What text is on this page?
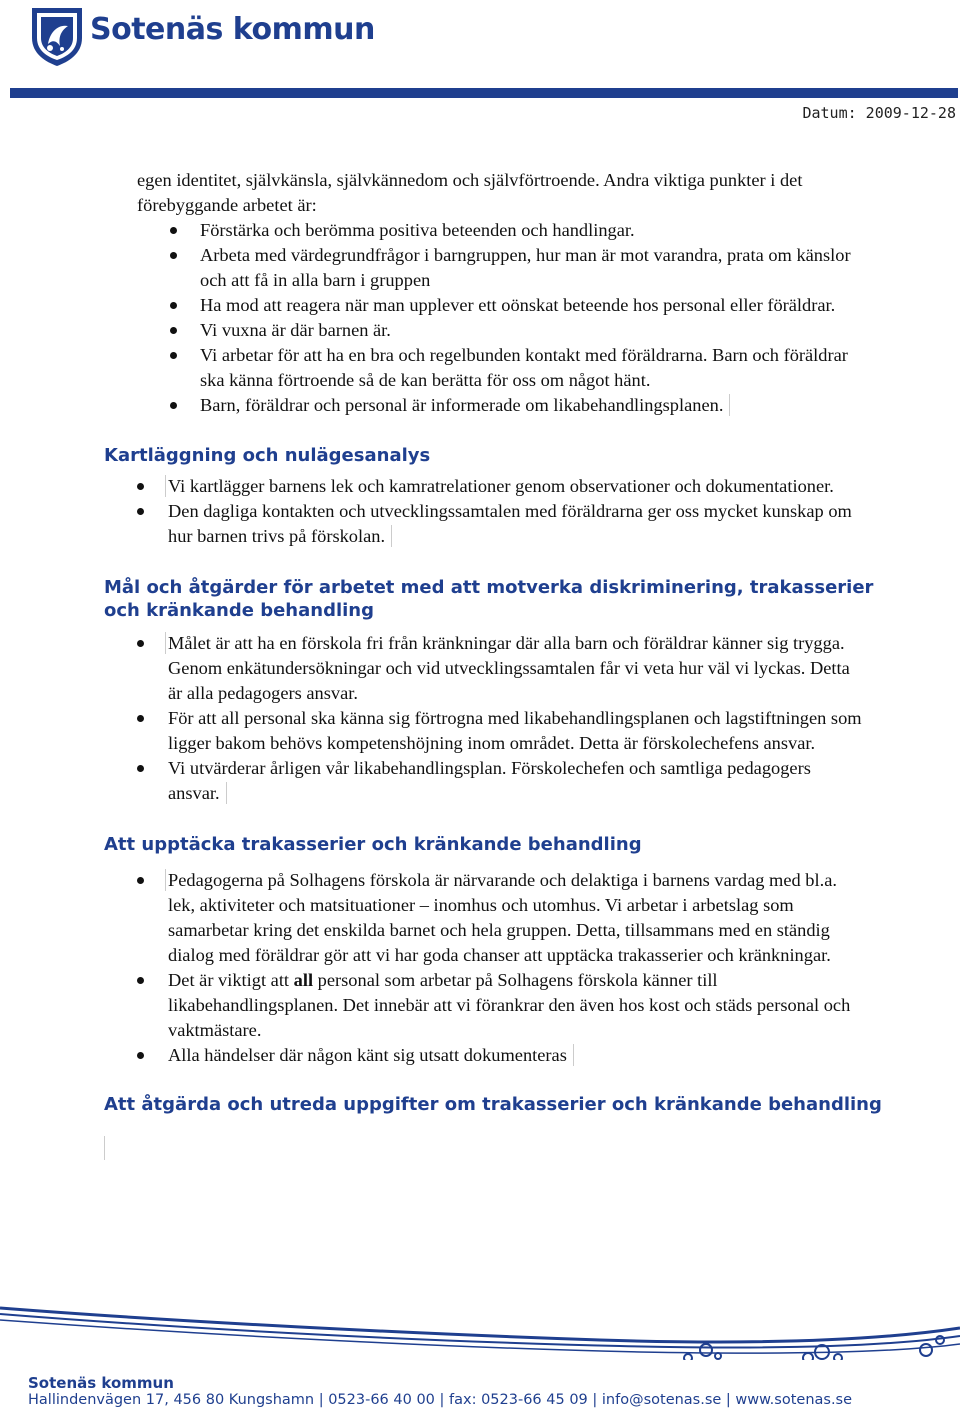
Sotenäs kommun
Datum: 2009-12-28

egen identitet, självkänsla, självkännedom och självförtroende. Andra viktiga punkter i det förebyggande arbetet är:

Förstärka och berömma positiva beteenden och handlingar.
Arbeta med värdegrundfrågor i barngruppen, hur man är mot varandra, prata om känslor och att få in alla barn i gruppen
Ha mod att reagera när man upplever ett oönskat beteende hos personal eller föräldrar.
Vi vuxna är där barnen är.
Vi arbetar för att ha en bra och regelbunden kontakt med föräldrarna. Barn och föräldrar ska känna förtroende så de kan berätta för oss om något hänt.
Barn, föräldrar och personal är informerade om likabehandlingsplanen.
Kartläggning och nulägesanalys
Vi kartlägger barnens lek och kamratrelationer genom observationer och dokumentationer.
Den dagliga kontakten och utvecklingssamtalen med föräldrarna ger oss mycket kunskap om hur barnen trivs på förskolan.
Mål och åtgärder för arbetet med att motverka diskriminering, trakasserier och kränkande behandling
Målet är att ha en förskola fri från kränkningar där alla barn och föräldrar känner sig trygga. Genom enkätundersökningar och vid utvecklingssamtalen får vi veta hur väl vi lyckas. Detta är alla pedagogers ansvar.
För att all personal ska känna sig förtrogna med likabehandlingsplanen och lagstiftningen som ligger bakom behövs kompetenshöjning inom området. Detta är förskolechefens ansvar.
Vi utvärderar årligen vår likabehandlingsplan. Förskolechefen och samtliga pedagogers ansvar.
Att upptäcka trakasserier och kränkande behandling
Pedagogerna på Solhagens förskola är närvarande och delaktiga i barnens vardag med bl.a. lek, aktiviteter och matsituationer – inomhus och utomhus. Vi arbetar i arbetslag som samarbetar kring det enskilda barnet och hela gruppen. Detta, tillsammans med en ständig dialog med föräldrar gör att vi har goda chanser att upptäcka trakasserier och kränkningar.
Det är viktigt att all personal som arbetar på Solhagens förskola känner till likabehandlingsplanen. Det innebär att vi förankrar den även hos kost och städs personal och vaktmästare.
Alla händelser där någon känt sig utsatt dokumenteras
Att åtgärda och utreda uppgifter om trakasserier och kränkande behandling
Sotenäs kommun
Hallindenvägen 17, 456 80 Kungshamn | 0523-66 40 00 | fax: 0523-66 45 09 | info@sotenas.se | www.sotenas.se
